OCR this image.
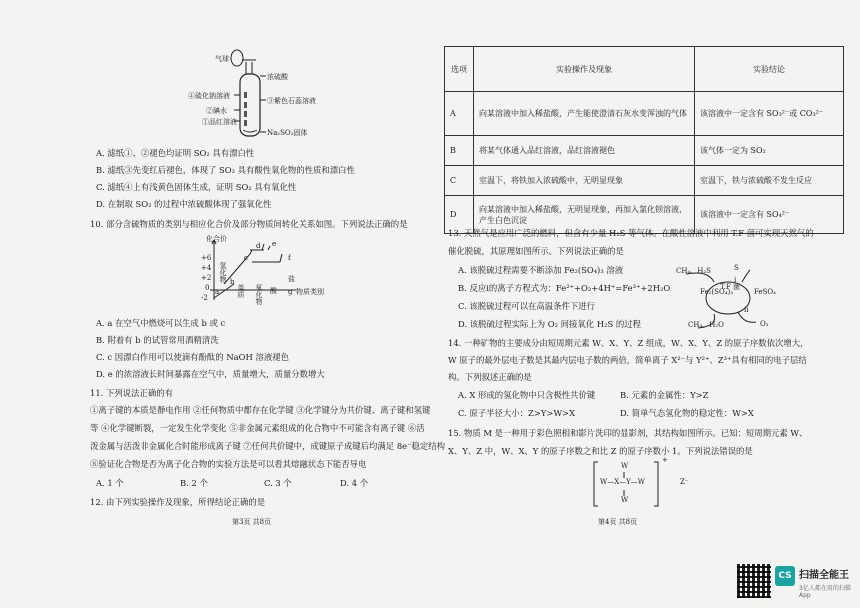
气球
浓硫酸
④硫化钠溶液
③紫色石蕊溶液
②碘水
①品红溶液
Na₂SO₃固体
A. 滤纸①、②褪色均证明 SO₂ 具有漂白性
B. 滤纸③先变红后褪色，体现了 SO₂ 具有酸性氧化物的性质和漂白性
C. 滤纸④上有浅黄色固体生成，证明 SO₂ 具有氧化性
D. 在制取 SO₂ 的过程中浓硫酸体现了强氧化性
10. 部分含硫物质的类别与相应化合价及部分物质间转化关系如图。下列说法正确的是
化合价
+6
+4
+2
0
-2
氢化物
单质 氧化物 酸
盐
物质类别
a
b
c
d e
f
g
A. a 在空气中燃烧可以生成 b 或 c
B. 附着有 b 的试管常用酒精清洗
C. c 因漂白作用可以使滴有酚酞的 NaOH 溶液褪色
D. e 的浓溶液长时间暴露在空气中，质量增大，质量分数增大
11. 下列说法正确的有
①离子键的本质是静电作用 ②任何物质中都存在化学键 ③化学键分为共价键、离子键和氢键
等 ④化学键断裂，一定发生化学变化 ⑤非金属元素组成的化合物中不可能含有离子键 ⑥活
泼金属与活泼非金属化合时能形成离子键 ⑦任何共价键中，成键原子成键后均满足 8e⁻稳定结构
⑧验证化合物是否为离子化合物的实验方法是可以看其熔融状态下能否导电
A. 1 个	B. 2 个	C. 3 个	D. 4 个
12. 由下列实验操作及现象，所得结论正确的是
第3页 共8页
选项	实验操作及现象	实验结论
A	向某溶液中加入稀盐酸，产生能使澄清石灰水变浑浊的气体	该溶液中一定含有 SO₃²⁻或 CO₃²⁻
B	将某气体通入品红溶液，品红溶液褪色	该气体一定为 SO₂
C	室温下，将铁加入浓硫酸中，无明显现象	室温下，铁与浓硫酸不发生反应
D	向某溶液中加入稀盐酸，无明显现象，再加入氯化钡溶液，产生白色沉淀	该溶液中一定含有 SO₄²⁻
13. 天然气是应用广泛的燃料，但含有少量 H₂S 等气体。在酸性溶液中利用 T.F 菌可实现天然气的
催化脱硫，其原理如图所示。下列说法正确的是
A. 该脱硫过程需要不断添加 Fe₂(SO₄)₃ 溶液
B. 反应ⅰ的离子方程式为：Fe²⁺+O₂+4H⁺=Fe³⁺+2H₂O
C. 该脱硫过程可以在高温条件下进行
D. 该脱硫过程实际上为 O₂ 间接氧化 H₂S 的过程
CH₄、H₂S	S
Fe₂(SO₄)₃	FeSO₄
T.F 菌
ii
i
CH₄、H₂O	O₂
14. 一种矿物的主要成分由短周期元素 W、X、Y、Z 组成，W、X、Y、Z 的原子序数依次增大，
W 原子的最外层电子数是其最内层电子数的两倍，简单离子 X²⁻与 Y²⁺、Z³⁺具有相同的电子层结
构。下列叙述正确的是
A. X 形成的氢化物中只含极性共价键	B. 元素的金属性：Y>Z
C. 原子半径大小：Z>Y>W>X	D. 简单气态氢化物的稳定性：W>X
15. 物质 M 是一种用于彩色照相和影片洗印的显影剂，其结构如图所示。已知：短周期元素 W、
X、Y、Z 中，W、X、Y 的原子序数之和比 Z 的原子序数小 1。下列说法错误的是
W
W—X—Y—W
W
+
Z⁻
第4页 共8页
CS 扫描全能王
3亿人都在用的扫描App
